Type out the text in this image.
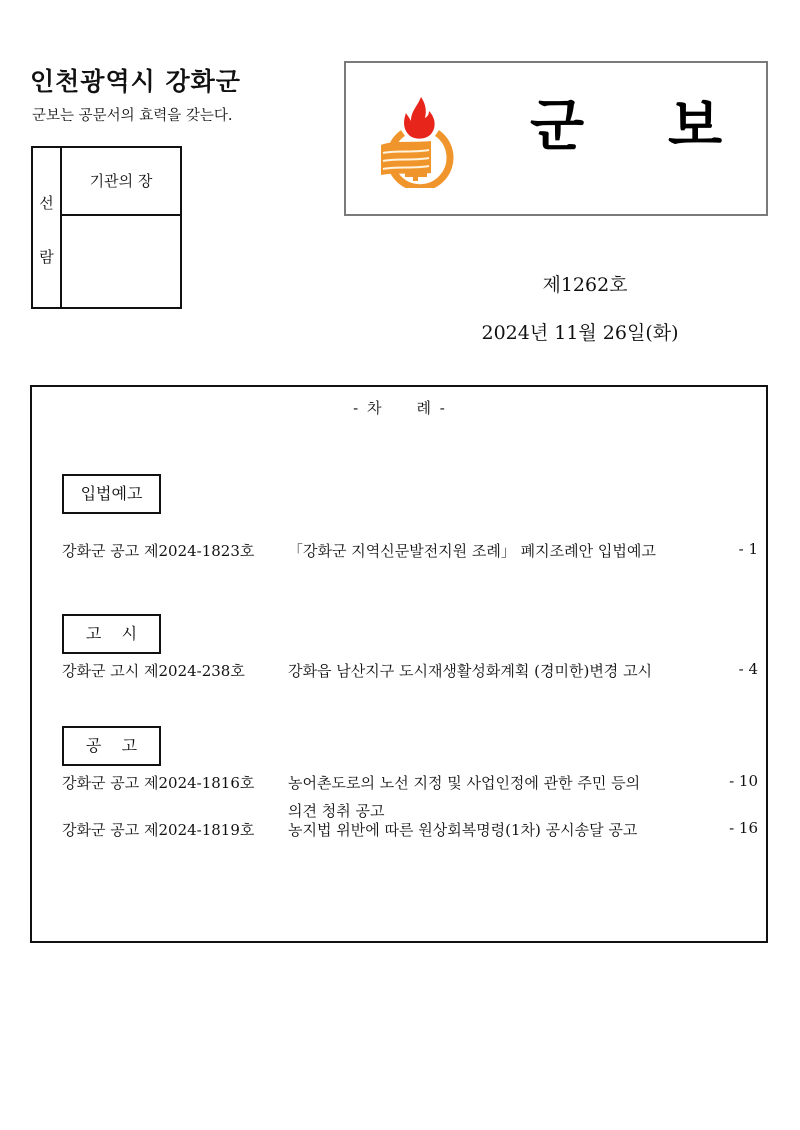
인천광역시 강화군
군보는 공문서의 효력을 갖는다.
선
람
기관의 장
군 보
제1262호
2024년 11월 26일(화)
- 차    례 -
입법예고
강화군 공고 제2024-1823호 「강화군 지역신문발전지원 조례」 폐지조례안 입법예고	- 1
고    시
강화군 고시 제2024-238호	강화읍 남산지구 도시재생활성화계획 (경미한)변경 고시	- 4
공    고
강화군 공고 제2024-1816호 농어촌도로의 노선 지정 및 사업인정에 관한 주민 등의
의견 청취 공고
- 10
강화군 공고 제2024-1819호 농지법 위반에 따른 원상회복명령(1차) 공시송달 공고	- 16
